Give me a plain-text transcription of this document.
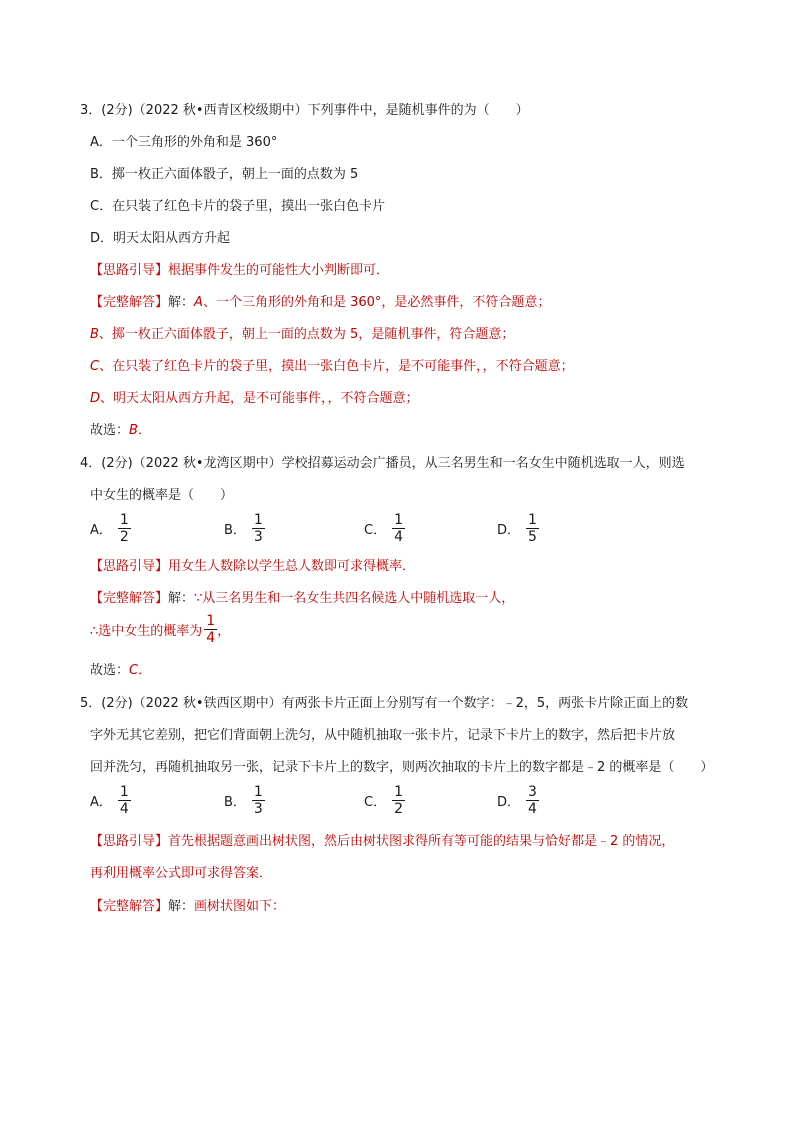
3．(2分)（2022 秋•西青区校级期中）下列事件中，是随机事件的为（　　）
A．一个三角形的外角和是 360°
B．掷一枚正六面体骰子，朝上一面的点数为 5
C．在只装了红色卡片的袋子里，摸出一张白色卡片
D．明天太阳从西方升起
【思路引导】根据事件发生的可能性大小判断即可．
【完整解答】解：A、一个三角形的外角和是 360°，是必然事件，不符合题意；
B、掷一枚正六面体骰子，朝上一面的点数为 5，是随机事件，符合题意；
C、在只装了红色卡片的袋子里，摸出一张白色卡片，是不可能事件，，不符合题意；
D、明天太阳从西方升起，是不可能事件，，不符合题意；
故选：B．
4．(2分)（2022 秋•龙湾区期中）学校招募运动会广播员，从三名男生和一名女生中随机选取一人，则选
中女生的概率是（　　）
A． $\frac{1}{2}$	B． $\frac{1}{3}$	C． $\frac{1}{4}$	D． $\frac{1}{5}$
【思路引导】用女生人数除以学生总人数即可求得概率．
【完整解答】解：∵从三名男生和一名女生共四名候选人中随机选取一人，
∴选中女生的概率为 $\frac{1}{4}$ ，
故选：C．
5．(2分)（2022 秋•铁西区期中）有两张卡片正面上分别写有一个数字：﹣2，5，两张卡片除正面上的数
字外无其它差别，把它们背面朝上洗匀，从中随机抽取一张卡片，记录下卡片上的数字，然后把卡片放
回并洗匀，再随机抽取另一张，记录下卡片上的数字，则两次抽取的卡片上的数字都是﹣2 的概率是（　　）
A． $\frac{1}{4}$	B． $\frac{1}{3}$	C． $\frac{1}{2}$	D． $\frac{3}{4}$
【思路引导】首先根据题意画出树状图，然后由树状图求得所有等可能的结果与恰好都是﹣2 的情况，
再利用概率公式即可求得答案．
【完整解答】解：画树状图如下：
